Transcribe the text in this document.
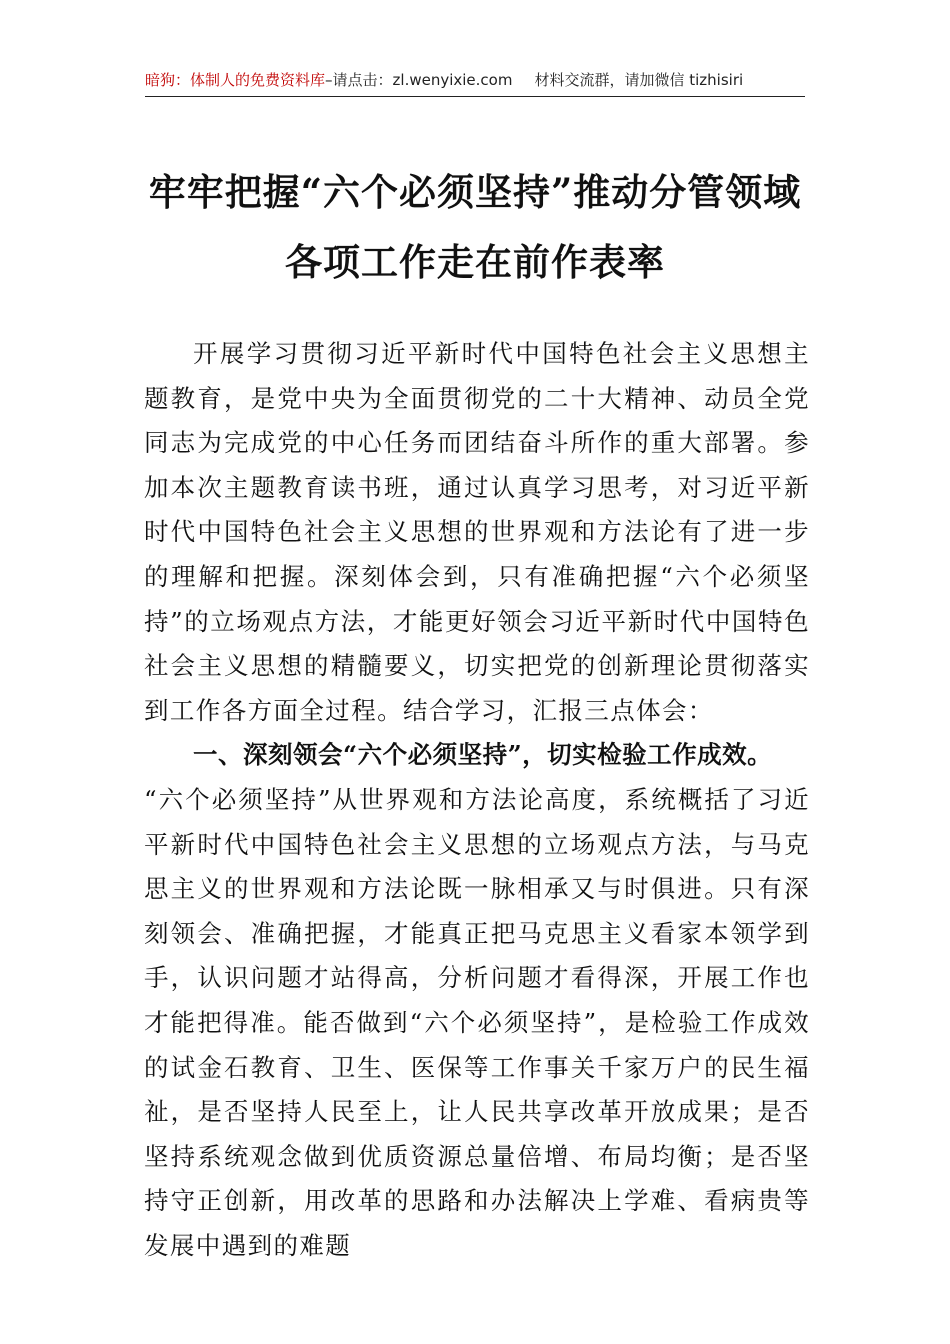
暗狗：体制人的免费资料库–请点击：zl.wenyixie.com 材料交流群，请加微信 tizhisiri
牢牢把握“六个必须坚持”推动分管领域
各项工作走在前作表率

开展学习贯彻习近平新时代中国特色社会主义思想主题教育，是党中央为全面贯彻党的二十大精神、动员全党同志为完成党的中心任务而团结奋斗所作的重大部署。参加本次主题教育读书班，通过认真学习思考，对习近平新时代中国特色社会主义思想的世界观和方法论有了进一步的理解和把握。深刻体会到，只有准确把握“六个必须坚持”的立场观点方法，才能更好领会习近平新时代中国特色社会主义思想的精髓要义，切实把党的创新理论贯彻落实到工作各方面全过程。结合学习，汇报三点体会：

一、深刻领会“六个必须坚持”，切实检验工作成效。

“六个必须坚持”从世界观和方法论高度，系统概括了习近平新时代中国特色社会主义思想的立场观点方法，与马克思主义的世界观和方法论既一脉相承又与时俱进。只有深刻领会、准确把握，才能真正把马克思主义看家本领学到手，认识问题才站得高，分析问题才看得深，开展工作也才能把得准。能否做到“六个必须坚持”，是检验工作成效的试金石教育、卫生、医保等工作事关千家万户的民生福祉，是否坚持人民至上，让人民共享改革开放成果；是否坚持系统观念做到优质资源总量倍增、布局均衡；是否坚持守正创新，用改革的思路和办法解决上学难、看病贵等发展中遇到的难题
